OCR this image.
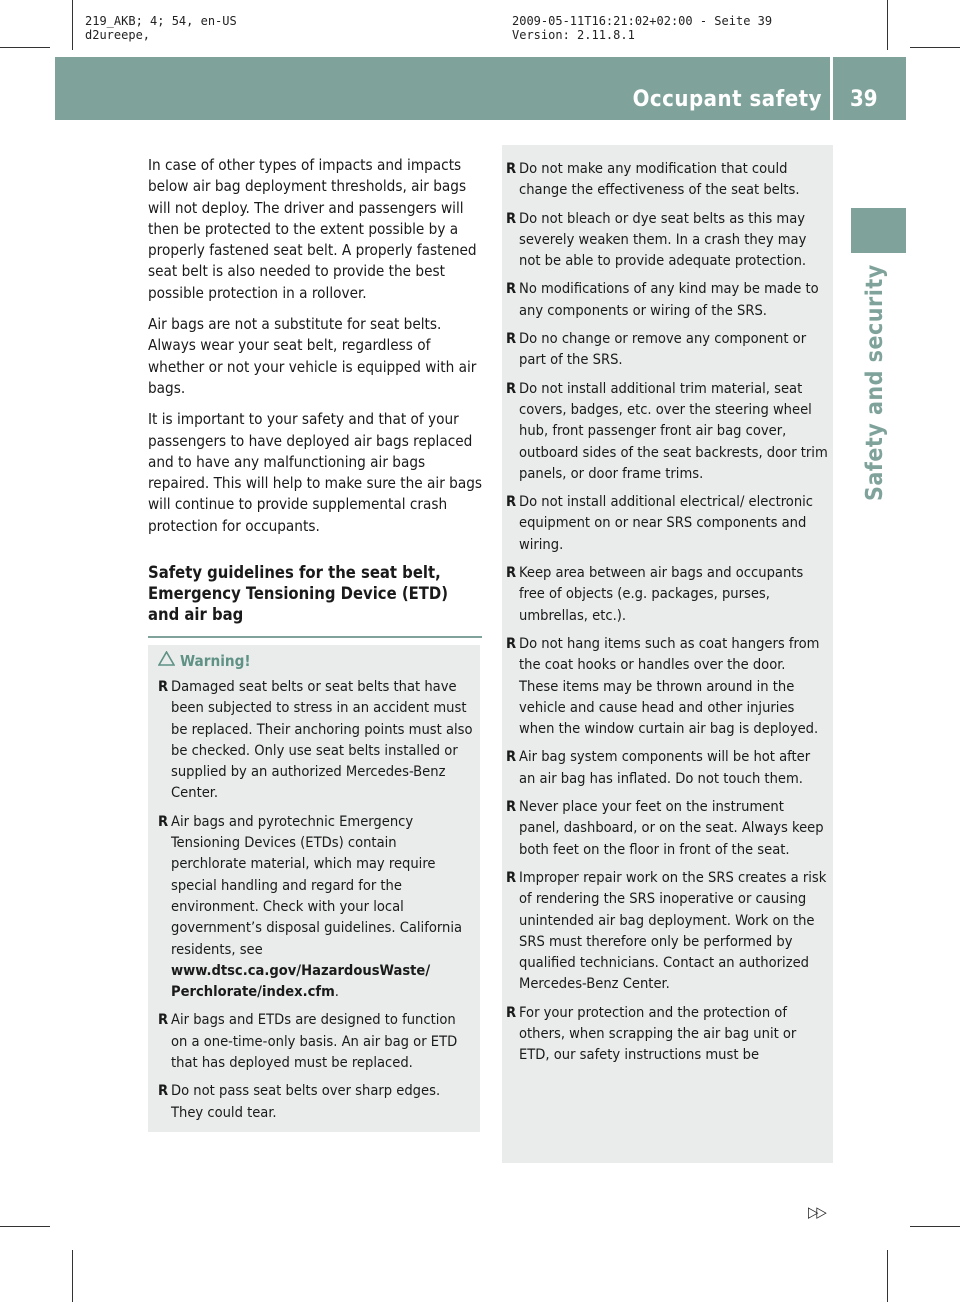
219_AKB; 4; 54, en-US
d2ureepe,
2009-05-11T16:21:02+02:00 - Seite 39
Version: 2.11.8.1
Occupant safety 39
Safety and security

In case of other types of impacts and impacts below air bag deployment thresholds, air bags will not deploy. The driver and passengers will then be protected to the extent possible by a properly fastened seat belt. A properly fastened seat belt is also needed to provide the best possible protection in a rollover.

Air bags are not a substitute for seat belts. Always wear your seat belt, regardless of whether or not your vehicle is equipped with air bags.

It is important to your safety and that of your passengers to have deployed air bags replaced and to have any malfunctioning air bags repaired. This will help to make sure the air bags will continue to provide supplemental crash protection for occupants.

Safety guidelines for the seat belt, Emergency Tensioning Device (ETD) and air bag
Warning!
R Damaged seat belts or seat belts that have been subjected to stress in an accident must be replaced. Their anchoring points must also be checked. Only use seat belts installed or supplied by an authorized Mercedes-Benz Center.
R Air bags and pyrotechnic Emergency Tensioning Devices (ETDs) contain perchlorate material, which may require special handling and regard for the environment. Check with your local government’s disposal guidelines. California residents, see
www.dtsc.ca.gov/HazardousWaste/ Perchlorate/index.cfm.
R Air bags and ETDs are designed to function on a one-time-only basis. An air bag or ETD that has deployed must be replaced.
R Do not pass seat belts over sharp edges. They could tear.
R Do not make any modification that could change the effectiveness of the seat belts.
R Do not bleach or dye seat belts as this may severely weaken them. In a crash they may not be able to provide adequate protection.
R No modifications of any kind may be made to any components or wiring of the SRS.
R Do no change or remove any component or part of the SRS.
R Do not install additional trim material, seat covers, badges, etc. over the steering wheel hub, front passenger front air bag cover, outboard sides of the seat backrests, door trim panels, or door frame trims.
R Do not install additional electrical/ electronic equipment on or near SRS components and wiring.
R Keep area between air bags and occupants free of objects (e.g. packages, purses, umbrellas, etc.).
R Do not hang items such as coat hangers from the coat hooks or handles over the door. These items may be thrown around in the vehicle and cause head and other injuries when the window curtain air bag is deployed.
R Air bag system components will be hot after an air bag has inflated. Do not touch them.
R Never place your feet on the instrument panel, dashboard, or on the seat. Always keep both feet on the floor in front of the seat.
R Improper repair work on the SRS creates a risk of rendering the SRS inoperative or causing unintended air bag deployment. Work on the SRS must therefore only be performed by qualified technicians. Contact an authorized Mercedes-Benz Center.
R For your protection and the protection of others, when scrapping the air bag unit or ETD, our safety instructions must be
▷▷
